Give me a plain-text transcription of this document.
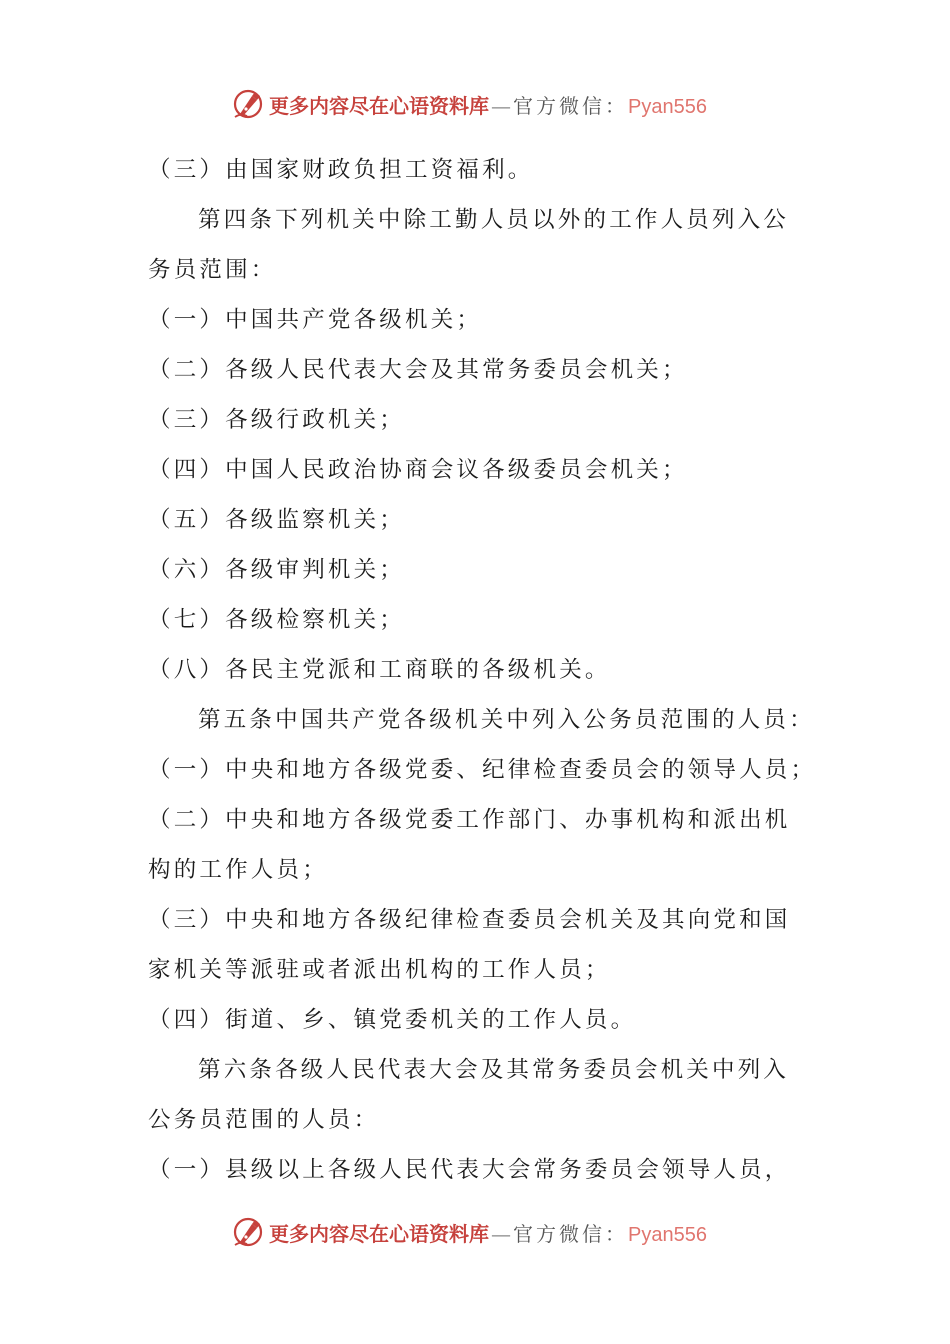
更多内容尽在心语资料库 — 官方微信： Pyan556
（三）由国家财政负担工资福利。
第四条下列机关中除工勤人员以外的工作人员列入公
务员范围：
（一）中国共产党各级机关；
（二）各级人民代表大会及其常务委员会机关；
（三）各级行政机关；
（四）中国人民政治协商会议各级委员会机关；
（五）各级监察机关；
（六）各级审判机关；
（七）各级检察机关；
（八）各民主党派和工商联的各级机关。
第五条中国共产党各级机关中列入公务员范围的人员：
（一）中央和地方各级党委、纪律检查委员会的领导人员；
（二）中央和地方各级党委工作部门、办事机构和派出机
构的工作人员；
（三）中央和地方各级纪律检查委员会机关及其向党和国
家机关等派驻或者派出机构的工作人员；
（四）街道、乡、镇党委机关的工作人员。
第六条各级人民代表大会及其常务委员会机关中列入
公务员范围的人员：
（一）县级以上各级人民代表大会常务委员会领导人员，
更多内容尽在心语资料库 — 官方微信： Pyan556
